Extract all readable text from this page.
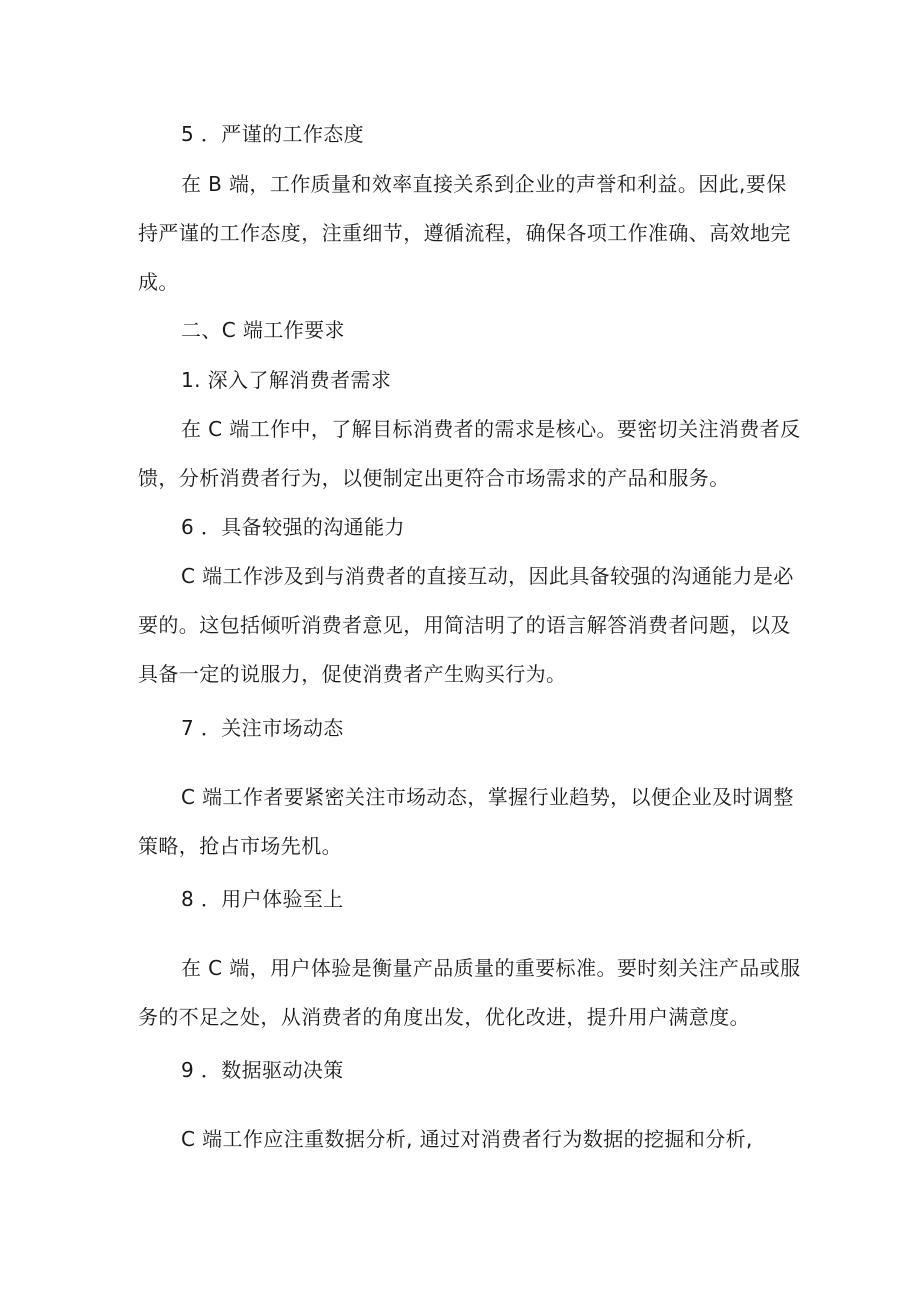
5 ．严谨的工作态度
在 B 端，工作质量和效率直接关系到企业的声誉和利益。因此,要保
持严谨的工作态度，注重细节，遵循流程，确保各项工作准确、高效地完
成。
二、C 端工作要求
1. 深入了解消费者需求
在 C 端工作中，了解目标消费者的需求是核心。要密切关注消费者反
馈，分析消费者行为，以便制定出更符合市场需求的产品和服务。
6 ．具备较强的沟通能力
C 端工作涉及到与消费者的直接互动，因此具备较强的沟通能力是必
要的。这包括倾听消费者意见，用简洁明了的语言解答消费者问题，以及
具备一定的说服力，促使消费者产生购买行为。
7 ．关注市场动态
C 端工作者要紧密关注市场动态，掌握行业趋势，以便企业及时调整
策略，抢占市场先机。
8 ．用户体验至上
在 C 端，用户体验是衡量产品质量的重要标准。要时刻关注产品或服
务的不足之处，从消费者的角度出发，优化改进，提升用户满意度。
9 ．数据驱动决策
C 端工作应注重数据分析, 通过对消费者行为数据的挖掘和分析,
